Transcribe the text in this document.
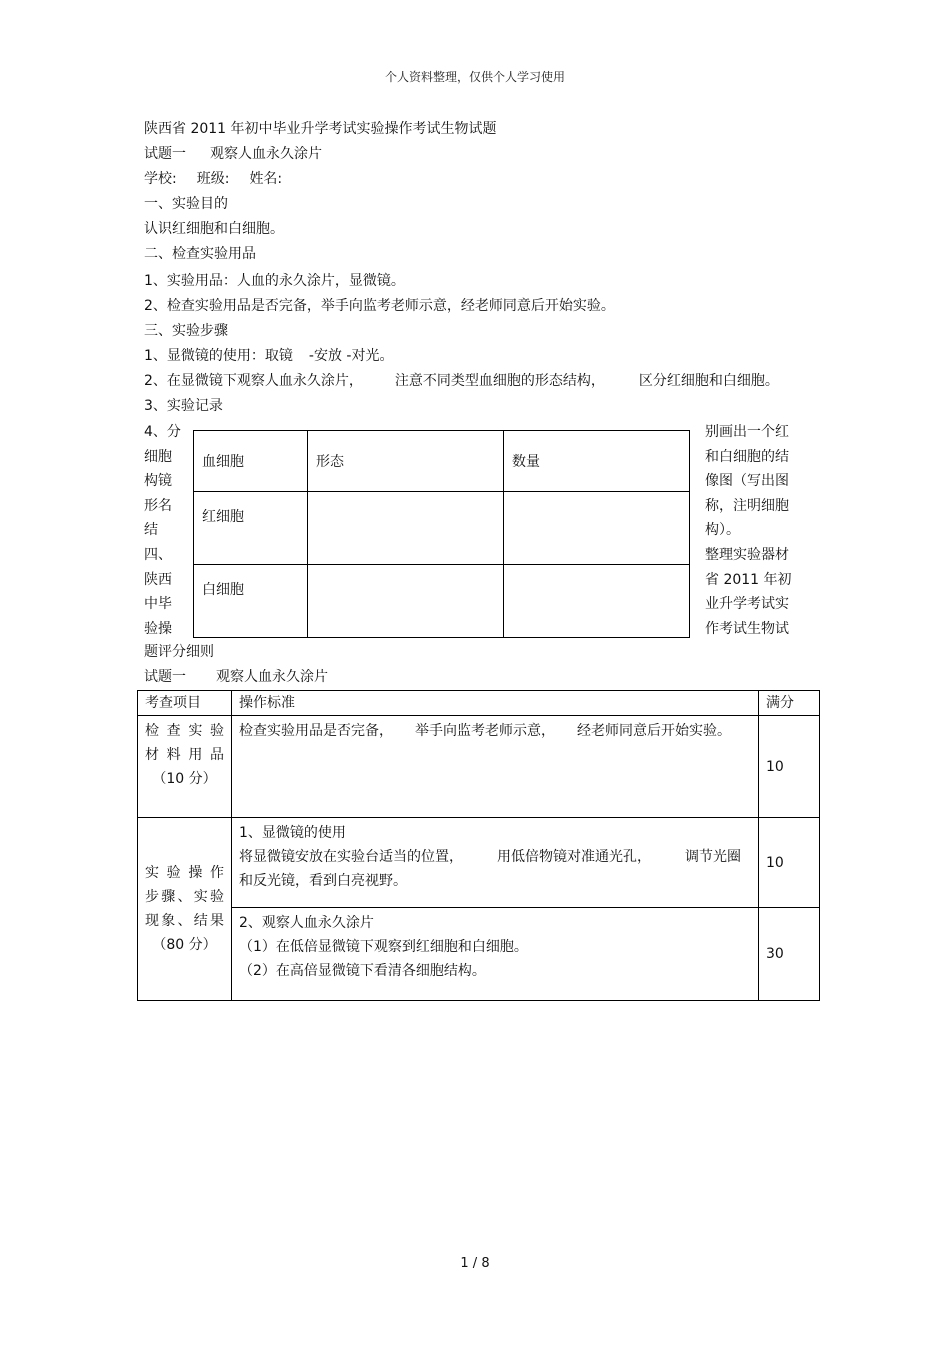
个人资料整理，仅供个人学习使用
陕西省 2011 年初中毕业升学考试实验操作考试生物试题
试题一 观察人血永久涂片
学校: 班级: 姓名:
一、实验目的
认识红细胞和白细胞。
二、检查实验用品
1、实验用品：人血的永久涂片，显微镜。
2、检查实验用品是否完备，举手向监考老师示意，经老师同意后开始实验。
三、实验步骤
1、显微镜的使用：取镜 -安放 -对光。
2、在显微镜下观察人血永久涂片， 注意不同类型血细胞的形态结构， 区分红细胞和白细胞。
3、实验记录
4、分
细胞
构镜
形名
结
四、
陕西
中毕
验操
别画出一个红
和白细胞的结
像图（写出图
称，注明细胞
构）。
整理实验器材
省 2011 年初
业升学考试实
作考试生物试
血细胞	形态	数量
红细胞		
白细胞		
题评分细则
试题一 观察人血永久涂片
考查项目	操作标准	满分

检 查 实 验
材料用品
（10 分）	检查实验用品是否完备， 举手向监考老师示意， 经老师同意后开始实验。	10

实 验 操 作
步骤、实验
现象、结果
（80 分）	1、显微镜的使用
将显微镜安放在实验台适当的位置， 用低倍物镜对准通光孔， 调节光圈
和反光镜，看到白亮视野。	10

	2、观察人血永久涂片
（1）在低倍显微镜下观察到红细胞和白细胞。
（2）在高倍显微镜下看清各细胞结构。	30
1 / 8
